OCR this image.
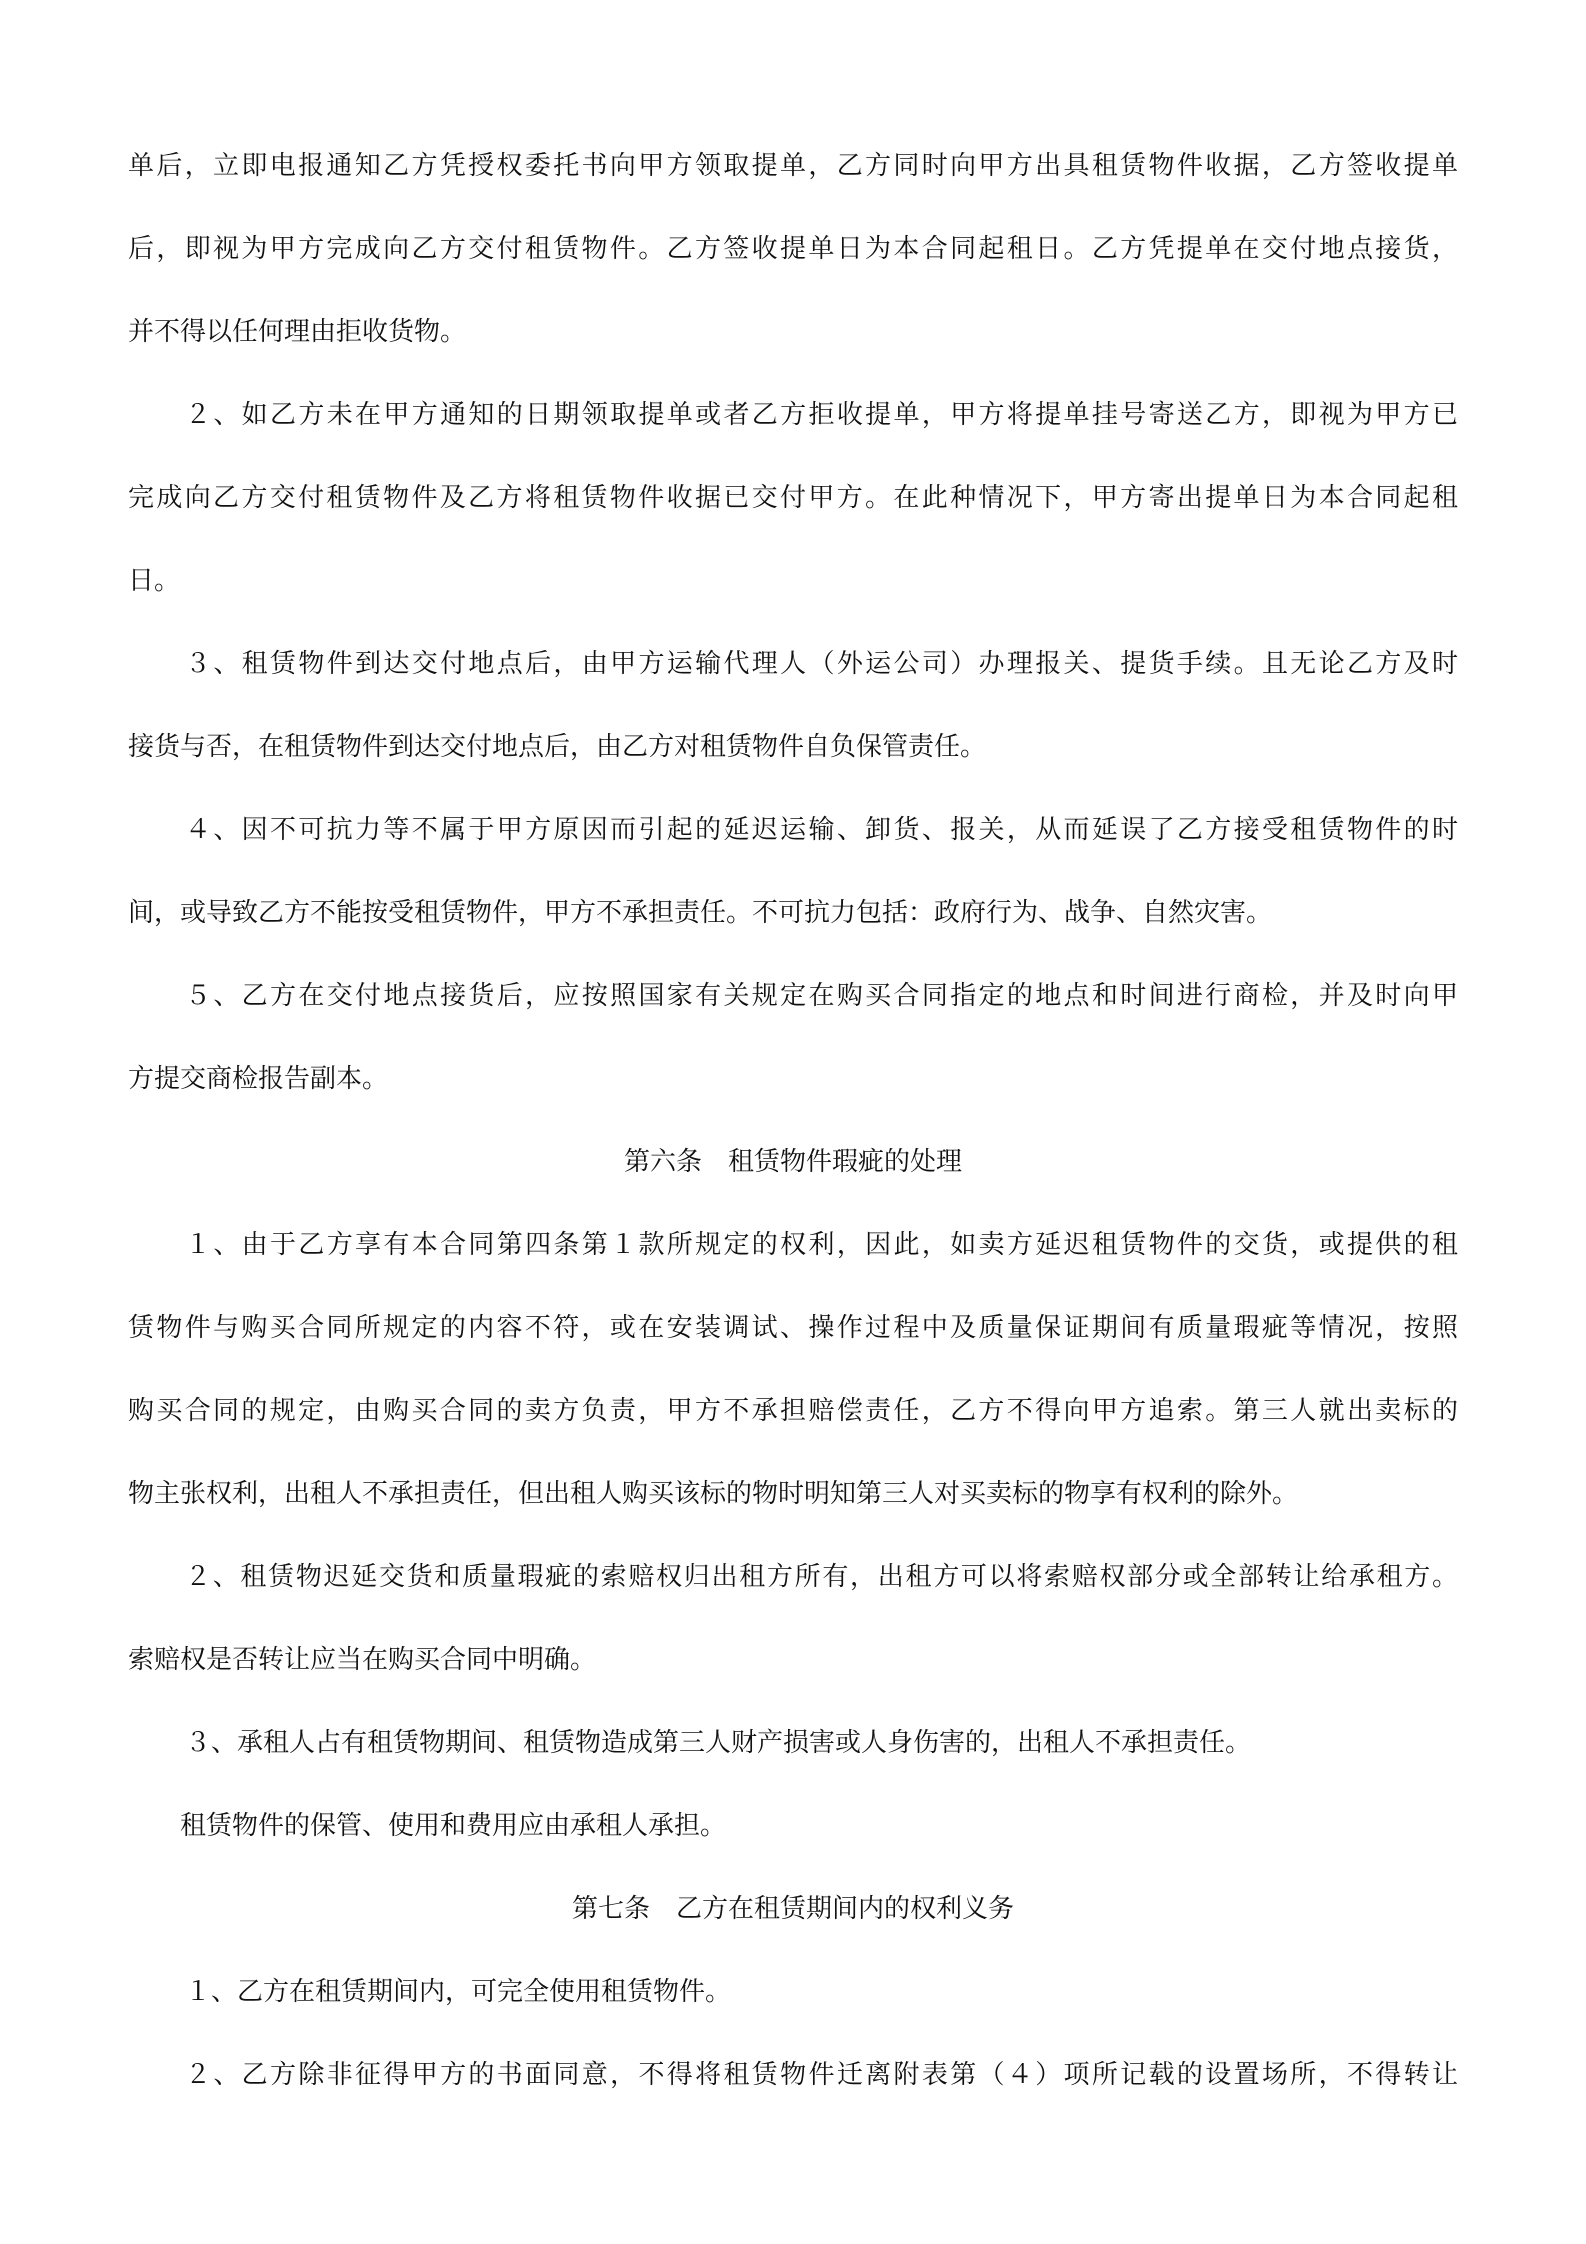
单后，立即电报通知乙方凭授权委托书向甲方领取提单，乙方同时向甲方出具租赁物件收据，乙方签收提单
后，即视为甲方完成向乙方交付租赁物件。乙方签收提单日为本合同起租日。乙方凭提单在交付地点接货，
并不得以任何理由拒收货物。
２、如乙方未在甲方通知的日期领取提单或者乙方拒收提单，甲方将提单挂号寄送乙方，即视为甲方已
完成向乙方交付租赁物件及乙方将租赁物件收据已交付甲方。在此种情况下，甲方寄出提单日为本合同起租
日。
３、租赁物件到达交付地点后，由甲方运输代理人（外运公司）办理报关、提货手续。且无论乙方及时
接货与否，在租赁物件到达交付地点后，由乙方对租赁物件自负保管责任。
４、因不可抗力等不属于甲方原因而引起的延迟运输、卸货、报关，从而延误了乙方接受租赁物件的时
间，或导致乙方不能按受租赁物件，甲方不承担责任。不可抗力包括：政府行为、战争、自然灾害。
５、乙方在交付地点接货后，应按照国家有关规定在购买合同指定的地点和时间进行商检，并及时向甲
方提交商检报告副本。
第六条　租赁物件瑕疵的处理
１、由于乙方享有本合同第四条第１款所规定的权利，因此，如卖方延迟租赁物件的交货，或提供的租
赁物件与购买合同所规定的内容不符，或在安装调试、操作过程中及质量保证期间有质量瑕疵等情况，按照
购买合同的规定，由购买合同的卖方负责，甲方不承担赔偿责任，乙方不得向甲方追索。第三人就出卖标的
物主张权利，出租人不承担责任，但出租人购买该标的物时明知第三人对买卖标的物享有权利的除外。
２、租赁物迟延交货和质量瑕疵的索赔权归出租方所有，出租方可以将索赔权部分或全部转让给承租方。
索赔权是否转让应当在购买合同中明确。
３、承租人占有租赁物期间、租赁物造成第三人财产损害或人身伤害的，出租人不承担责任。
租赁物件的保管、使用和费用应由承租人承担。
第七条　乙方在租赁期间内的权利义务
１、乙方在租赁期间内，可完全使用租赁物件。
２、乙方除非征得甲方的书面同意，不得将租赁物件迁离附表第（４）项所记载的设置场所，不得转让
